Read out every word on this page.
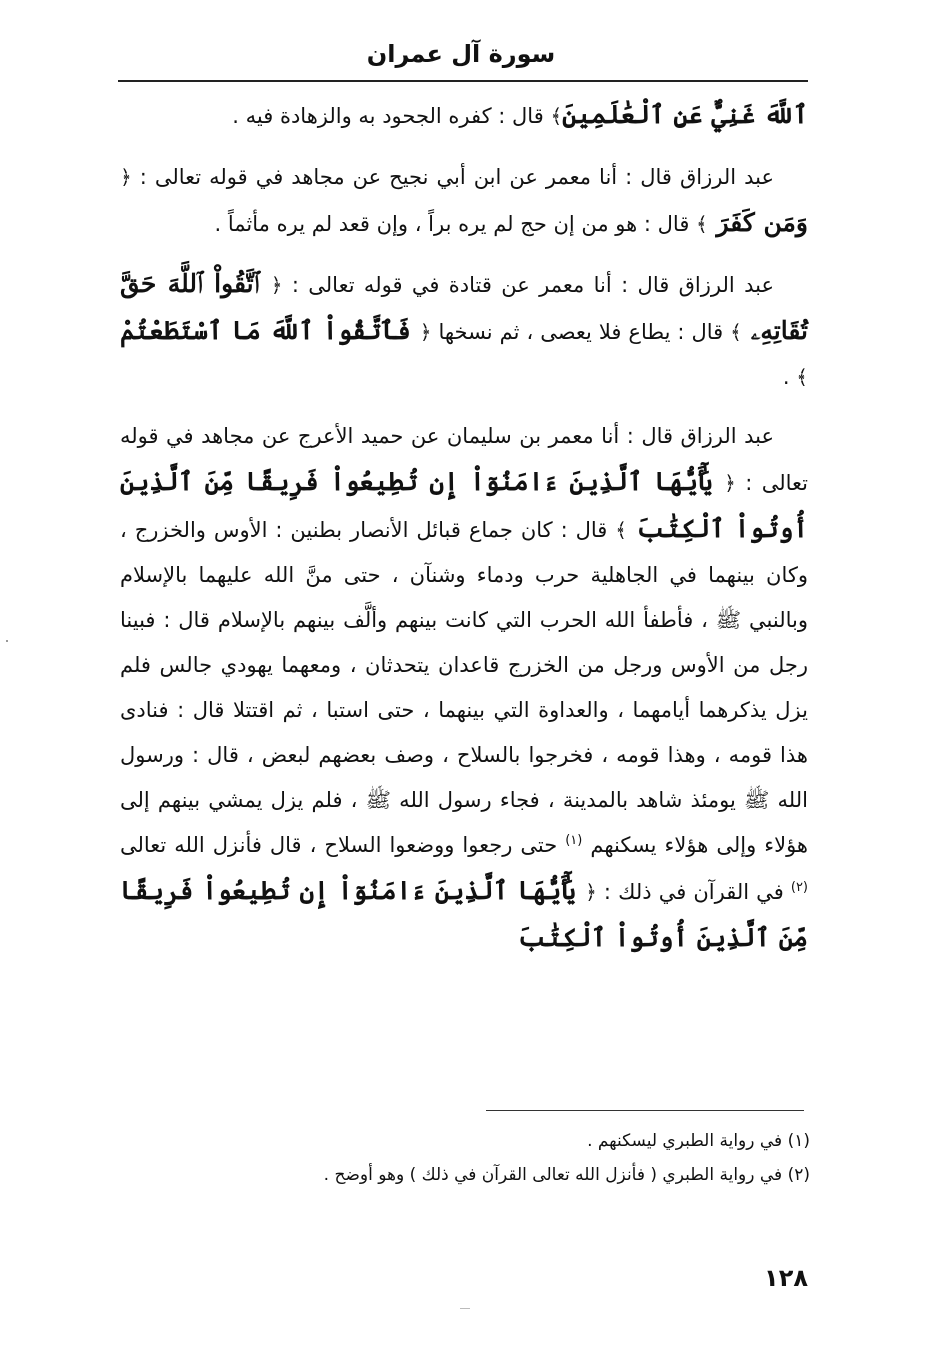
سورة آل عمران

ٱللَّهَ غَنِيٌّ عَنِ ٱلْعَٰلَمِينَ﴾ قال : كفره الجحود به والزهادة فيه .

عبد الرزاق قال : أنا معمر عن ابن أبي نجيح عن مجاهد في قوله تعالى : ﴿ وَمَن كَفَرَ ﴾ قال : هو من إن حج لم يره براً ، وإن قعد لم يره مأثماً .

عبد الرزاق قال : أنا معمر عن قتادة في قوله تعالى : ﴿ ٱتَّقُواْ ٱللَّهَ حَقَّ تُقَاتِهِۦ ﴾ قال : يطاع فلا يعصى ، ثم نسخها ﴿ فَٱتَّقُواْ ٱللَّهَ مَا ٱسْتَطَعْتُمْ ﴾ .

عبد الرزاق قال : أنا معمر بن سليمان عن حميد الأعرج عن مجاهد في قوله تعالى : ﴿ يَٰٓأَيُّهَا ٱلَّذِينَ ءَامَنُوٓاْ إِن تُطِيعُواْ فَرِيقًا مِّنَ ٱلَّذِينَ أُوتُواْ ٱلْكِتَٰبَ ﴾ قال : كان جماع قبائل الأنصار بطنين : الأوس والخزرج ، وكان بينهما في الجاهلية حرب ودماء وشنآن ، حتى منَّ الله عليهما بالإسلام وبالنبي ﷺ ، فأطفأ الله الحرب التي كانت بينهم وألَّف بينهم بالإسلام قال : فبينا رجل من الأوس ورجل من الخزرج قاعدان يتحدثان ، ومعهما يهودي جالس فلم يزل يذكرهما أيامهما ، والعداوة التي بينهما ، حتى استبا ، ثم اقتتلا قال : فنادى هذا قومه ، وهذا قومه ، فخرجوا بالسلاح ، وصف بعضهم لبعض ، قال : ورسول الله ﷺ يومئذ شاهد بالمدينة ، فجاء رسول الله ﷺ ، فلم يزل يمشي بينهم إلى هؤلاء وإلى هؤلاء يسكنهم $^{(١)}$ حتى رجعوا ووضعوا السلاح ، قال فأنزل الله تعالى $^{(٢)}$ في القرآن في ذلك : ﴿ يَٰٓأَيُّهَا ٱلَّذِينَ ءَامَنُوٓاْ إِن تُطِيعُواْ فَرِيقًا مِّنَ ٱلَّذِينَ أُوتُواْ ٱلْكِتَٰبَ

(١) في رواية الطبري ليسكنهم .

(٢) في رواية الطبري ( فأنزل الله تعالى القرآن في ذلك ) وهو أوضح .

١٢٨
